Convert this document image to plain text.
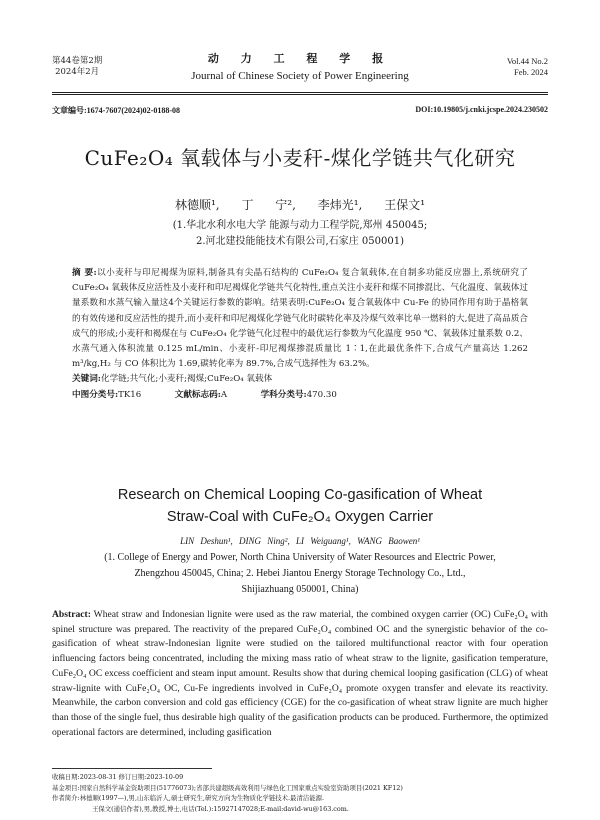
第44卷第2期
2024年2月
动 力 工 程 学 报
Journal of Chinese Society of Power Engineering
Vol.44 No.2
Feb. 2024
文章编号:1674-7607(2024)02-0188-08	DOI:10.19805/j.cnki.jcspe.2024.230502
CuFe₂O₄ 氧载体与小麦秆-煤化学链共气化研究
林德顺¹, 丁 宁², 李炜光¹, 王保文¹
(1.华北水利水电大学 能源与动力工程学院,郑州 450045;
2.河北建投能能技术有限公司,石家庄 050001)
摘 要:以小麦秆与印尼褐煤为原料,制备具有尖晶石结构的 CuFe₂O₄ 复合氧载体,在自制多功能反应器上,系统研究了 CuFe₂O₄ 氧载体反应活性及小麦秆和印尼褐煤化学链共气化特性,重点关注小麦秆和煤不同掺混比、气化温度、氧载体过量系数和水蒸气输入量这4个关键运行参数的影响。结果表明:CuFe₂O₄ 复合氧载体中 Cu-Fe 的协同作用有助于晶格氧的有效传递和反应活性的提升,而小麦秆和印尼褐煤化学链气化时碳转化率及冷煤气效率比单一燃料的大,促进了高品质合成气的形成;小麦秆和褐煤在与 CuFe₂O₄ 化学链气化过程中的最优运行参数为气化温度 950 ℃、氧载体过量系数 0.2、水蒸气通入体积流量 0.125 mL/min、小麦秆-印尼褐煤掺混质量比 1∶1,在此最优条件下,合成气产量高达 1.262 m³/kg,H₂ 与 CO 体积比为 1.69,碳转化率为 89.7%,合成气选择性为 63.2%。
关键词:化学链;共气化;小麦秆;褐煤;CuFe₂O₄ 氧载体
中图分类号:TK16	文献标志码:A	学科分类号:470.30
Research on Chemical Looping Co-gasification of Wheat
Straw-Coal with CuFe₂O₄ Oxygen Carrier
LIN Deshun¹, DING Ning², LI Weiguang¹, WANG Baowen¹
(1. College of Energy and Power, North China University of Water Resources and Electric Power,
Zhengzhou 450045, China; 2. Hebei Jiantou Energy Storage Technology Co., Ltd.,
Shijiazhuang 050001, China)
Abstract: Wheat straw and Indonesian lignite were used as the raw material, the combined oxygen carrier (OC) CuFe₂O₄ with spinel structure was prepared. The reactivity of the prepared CuFe₂O₄ combined OC and the synergistic behavior of the co-gasification of wheat straw-Indonesian lignite were studied on the tailored multifunctional reactor with four operation influencing factors being concentrated, including the mixing mass ratio of wheat straw to the lignite, gasification temperature, CuFe₂O₄ OC excess coefficient and steam input amount. Results show that during chemical looping gasification (CLG) of wheat straw-lignite with CuFe₂O₄ OC, Cu-Fe ingredients involved in CuFe₂O₄ promote oxygen transfer and elevate its reactivity. Meanwhile, the carbon conversion and cold gas efficiency (CGE) for the co-gasification of wheat straw lignite are much higher than those of the single fuel, thus desirable high quality of the gasification products can be produced. Furthermore, the optimized operational factors are determined, including gasification
收稿日期:2023-08-31 修订日期:2023-10-09
基金项目:国家自然科学基金资助项目(51776073);省部共建超级高效利用与绿色化工国家重点实验室资助项目(2021 KF12)
作者简介:林德顺(1997—),男,山东临沂人,硕士研究生,研究方向为生物质化学链技术.最清洁能源.
王保文(通信作者),男,教授,博士,电话(Tel.):15927147028;E-mail:david-wu@163.com.
